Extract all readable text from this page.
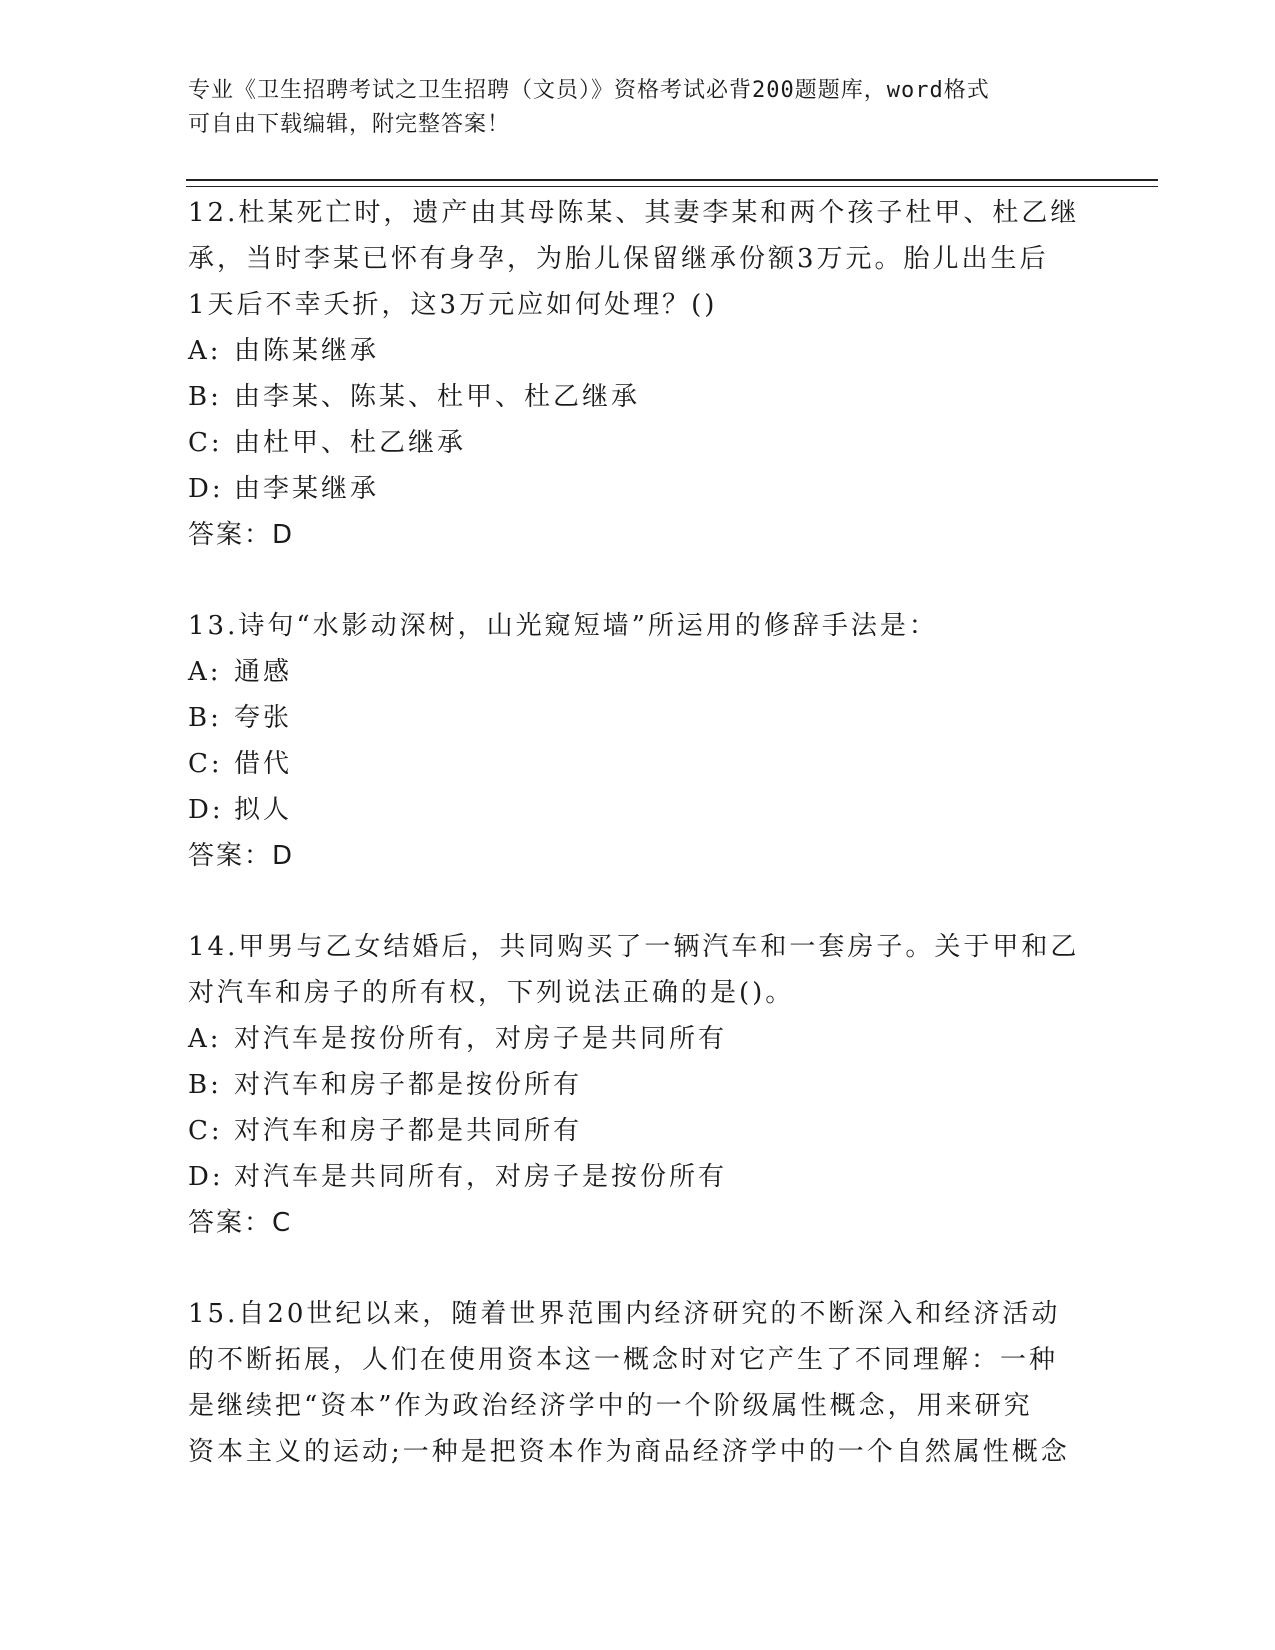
专业《卫生招聘考试之卫生招聘（文员）》资格考试必背200题题库，word格式
可自由下载编辑，附完整答案！

12.杜某死亡时，遗产由其母陈某、其妻李某和两个孩子杜甲、杜乙继

承，当时李某已怀有身孕，为胎儿保留继承份额3万元。胎儿出生后

1天后不幸夭折，这3万元应如何处理？()

A: 由陈某继承

B: 由李某、陈某、杜甲、杜乙继承

C: 由杜甲、杜乙继承

D: 由李某继承

答案：D

13.诗句“水影动深树，山光窥短墙”所运用的修辞手法是：

A: 通感

B: 夸张

C: 借代

D: 拟人

答案：D

14.甲男与乙女结婚后，共同购买了一辆汽车和一套房子。关于甲和乙

对汽车和房子的所有权，下列说法正确的是()。

A: 对汽车是按份所有，对房子是共同所有

B: 对汽车和房子都是按份所有

C: 对汽车和房子都是共同所有

D: 对汽车是共同所有，对房子是按份所有

答案：C

15.自20世纪以来，随着世界范围内经济研究的不断深入和经济活动

的不断拓展，人们在使用资本这一概念时对它产生了不同理解：一种

是继续把“资本”作为政治经济学中的一个阶级属性概念，用来研究

资本主义的运动;一种是把资本作为商品经济学中的一个自然属性概念
